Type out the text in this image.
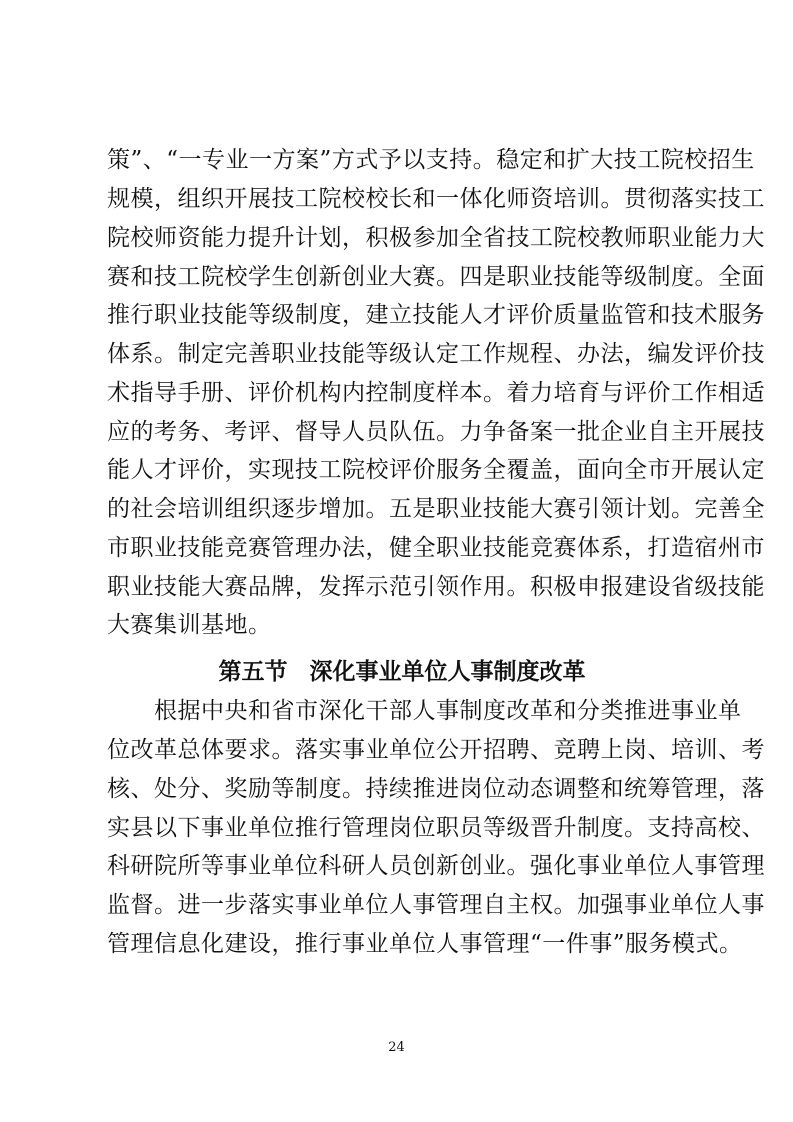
策”、“一专业一方案”方式予以支持。稳定和扩大技工院校招生
规模，组织开展技工院校校长和一体化师资培训。贯彻落实技工
院校师资能力提升计划，积极参加全省技工院校教师职业能力大
赛和技工院校学生创新创业大赛。四是职业技能等级制度。全面
推行职业技能等级制度，建立技能人才评价质量监管和技术服务
体系。制定完善职业技能等级认定工作规程、办法，编发评价技
术指导手册、评价机构内控制度样本。着力培育与评价工作相适
应的考务、考评、督导人员队伍。力争备案一批企业自主开展技
能人才评价，实现技工院校评价服务全覆盖，面向全市开展认定
的社会培训组织逐步增加。五是职业技能大赛引领计划。完善全
市职业技能竞赛管理办法，健全职业技能竞赛体系，打造宿州市
职业技能大赛品牌，发挥示范引领作用。积极申报建设省级技能
大赛集训基地。
第五节 深化事业单位人事制度改革
根据中央和省市深化干部人事制度改革和分类推进事业单
位改革总体要求。落实事业单位公开招聘、竞聘上岗、培训、考
核、处分、奖励等制度。持续推进岗位动态调整和统筹管理，落
实县以下事业单位推行管理岗位职员等级晋升制度。支持高校、
科研院所等事业单位科研人员创新创业。强化事业单位人事管理
监督。进一步落实事业单位人事管理自主权。加强事业单位人事
管理信息化建设，推行事业单位人事管理“一件事”服务模式。
24
